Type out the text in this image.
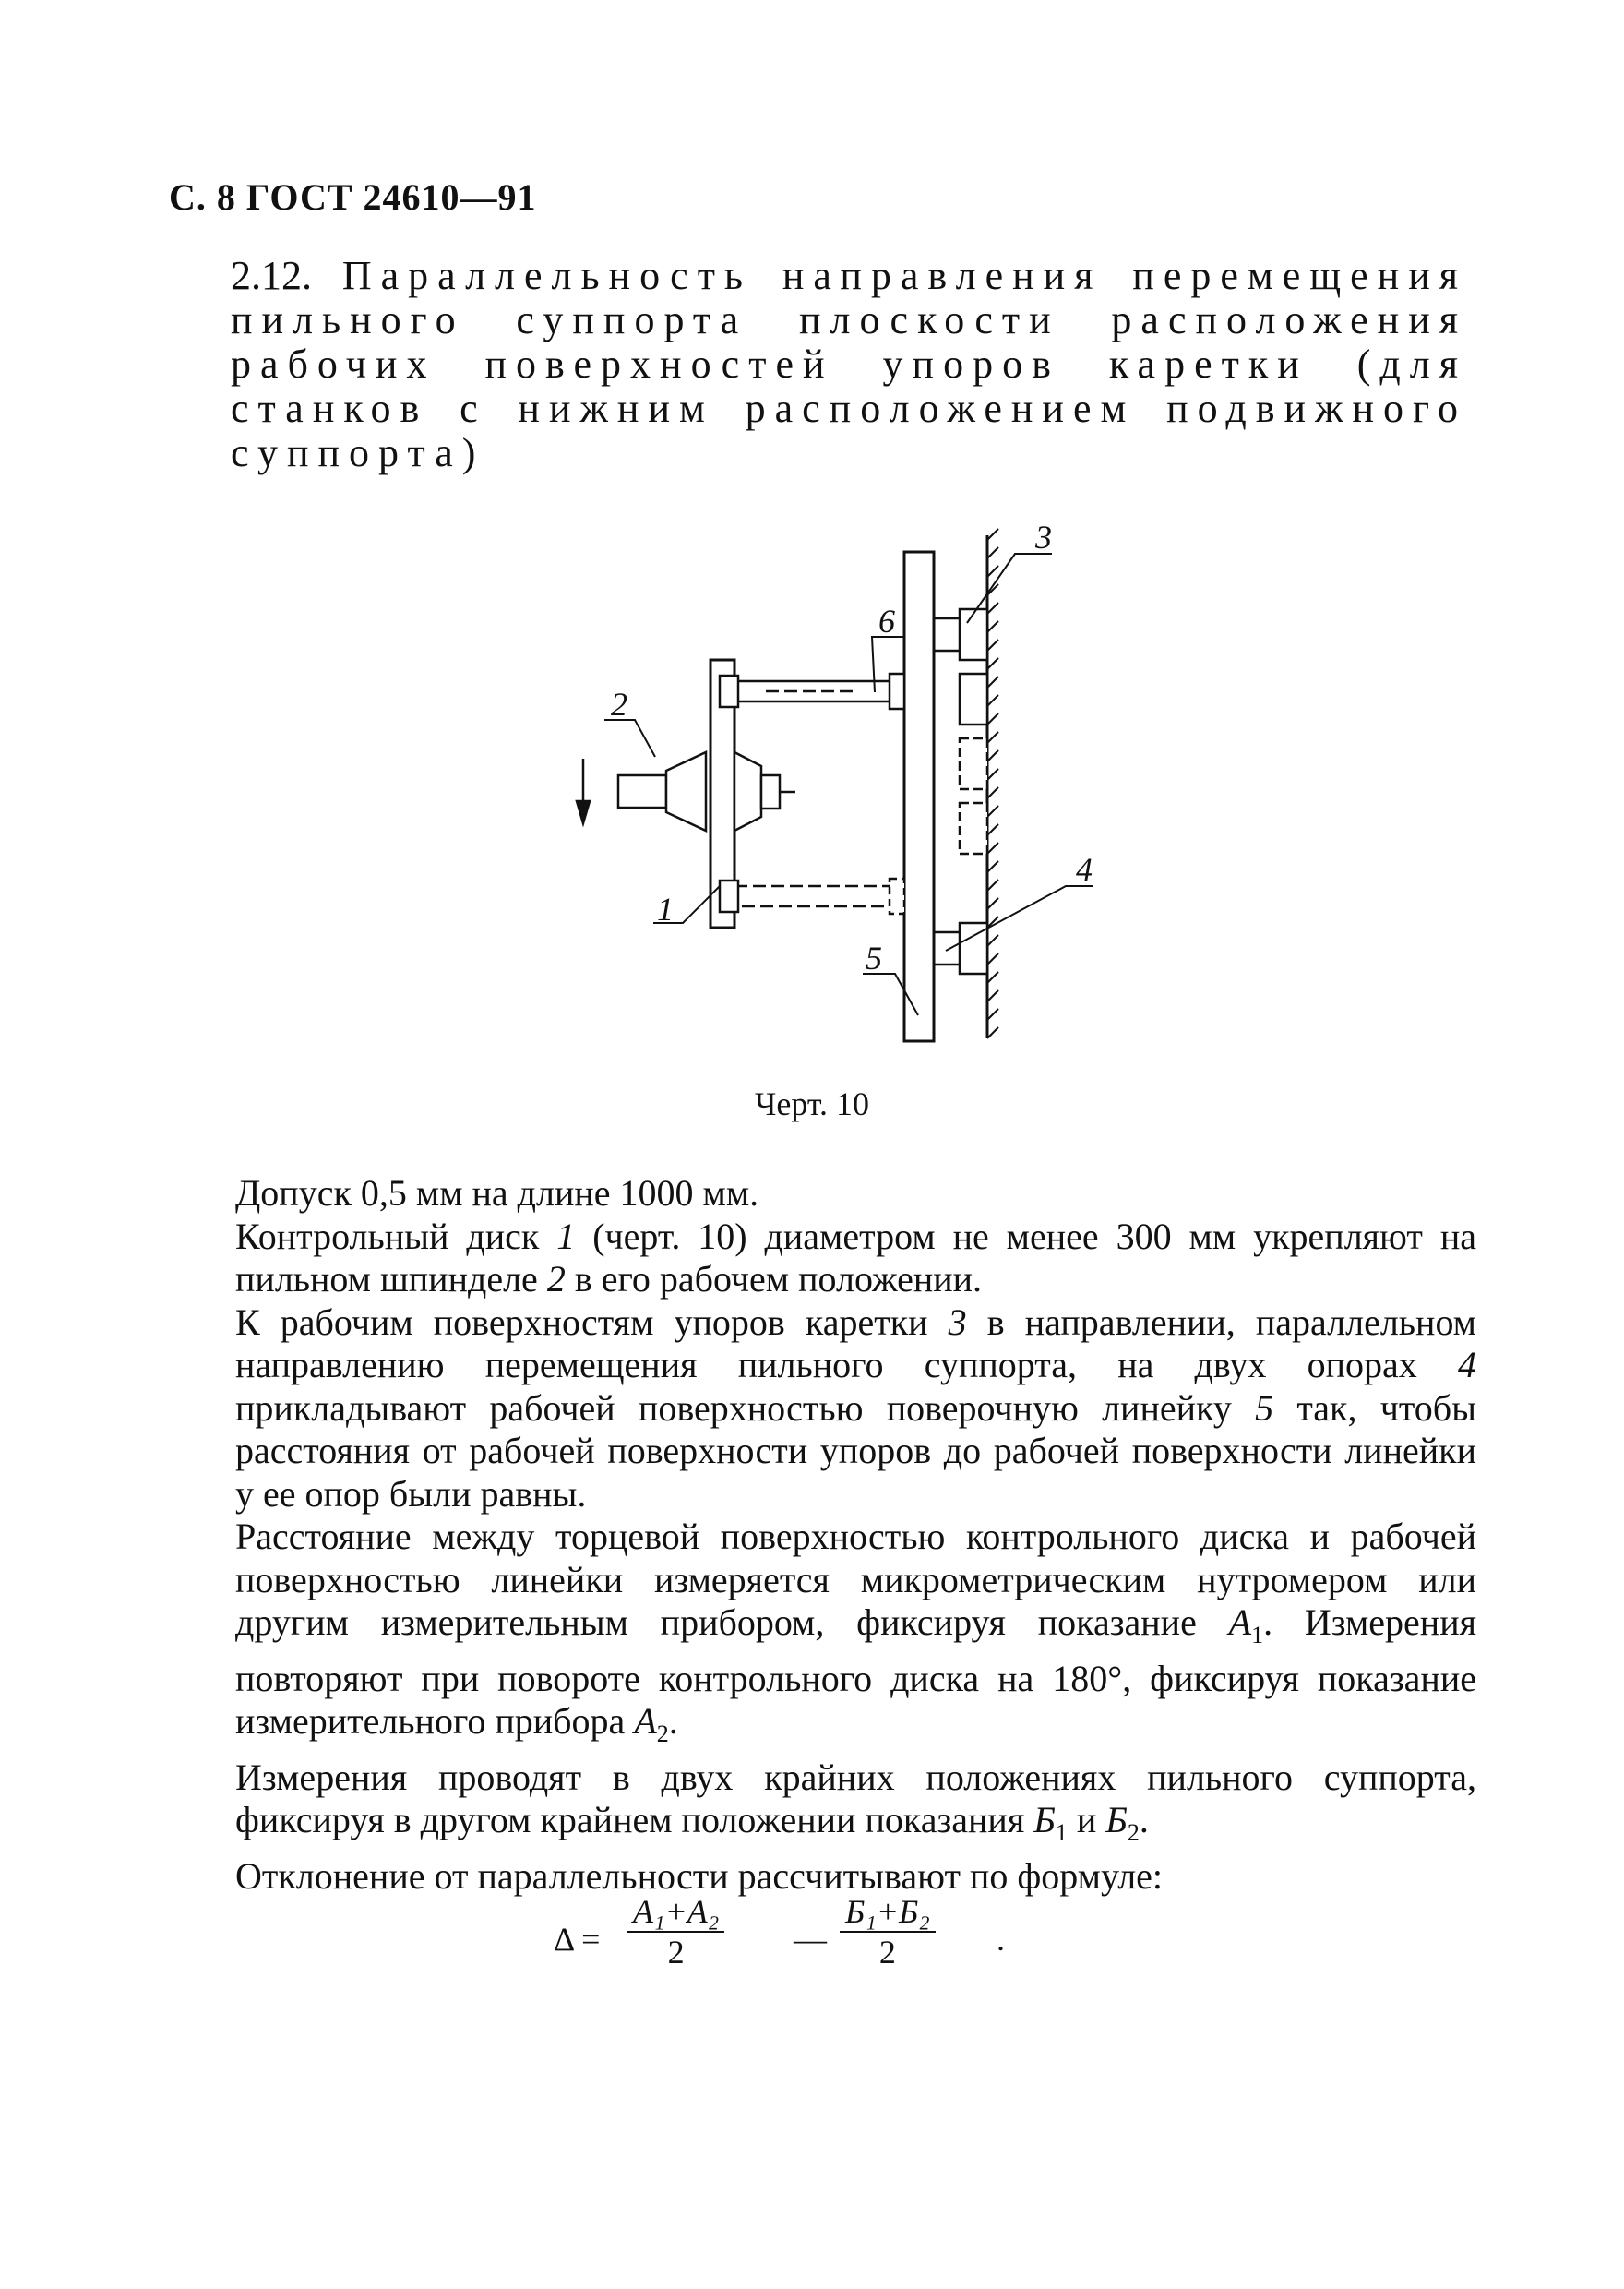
С. 8 ГОСТ 24610—91
2.12. Параллельность направления перемещения пильного суппорта плоскости расположения рабочих поверхностей упоров каретки (для станков с нижним расположением подвижного суппорта)
2
1
6
3
4
5
Черт. 10

Допуск 0,5 мм на длине 1000 мм.

Контрольный диск 1 (черт. 10) диаметром не менее 300 мм укрепляют на пильном шпинделе 2 в его рабочем положении.

К рабочим поверхностям упоров каретки 3 в направлении, параллельном направлению перемещения пильного суппорта, на двух опорах 4 прикладывают рабочей поверхностью поверочную линейку 5 так, чтобы расстояния от рабочей поверхности упоров до рабочей поверхности линейки у ее опор были равны.

Расстояние между торцевой поверхностью контрольного диска и рабочей поверхностью линейки измеряется микрометрическим нутромером или другим измерительным прибором, фиксируя показание $A_1$. Измерения повторяют при повороте контрольного диска на 180°, фиксируя показание измерительного прибора $A_2$.

Измерения проводят в двух крайних положениях пильного суппорта, фиксируя в другом крайнем положении показания $Б_1$ и $Б_2$.

Отклонение от параллельности рассчитывают по формуле:

$\Delta = \frac{\text{A₁+A₂}}{2}$ —
Б₁+Б₂
2	.
